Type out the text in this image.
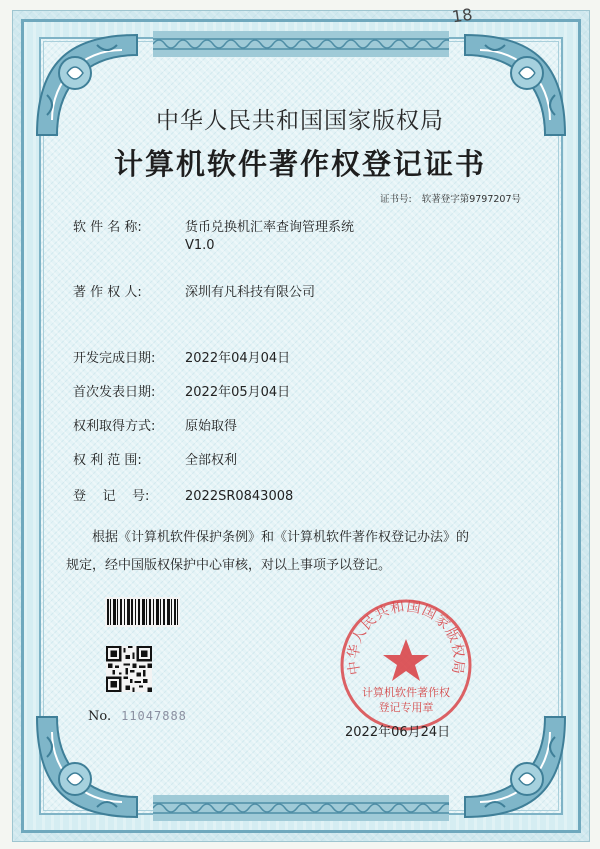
18
中华人民共和国国家版权局
计算机软件著作权登记证书
证书号: 软著登字第9797207号
软 件 名 称:	货币兑换机汇率查询管理系统
V1.0
著 作 权 人:	深圳有凡科技有限公司
开发完成日期: 2022年04月04日
首次发表日期: 2022年05月04日
权利取得方式: 原始取得
权 利 范 围:	全部权利
登    记    号:	2022SR0843008
根据《计算机软件保护条例》和《计算机软件著作权登记办法》的
规定，经中国版权保护中心审核，对以上事项予以登记。
No. 11047888
中华人民共和国国家版权局
计算机软件著作权
登记专用章
2022年06月24日
